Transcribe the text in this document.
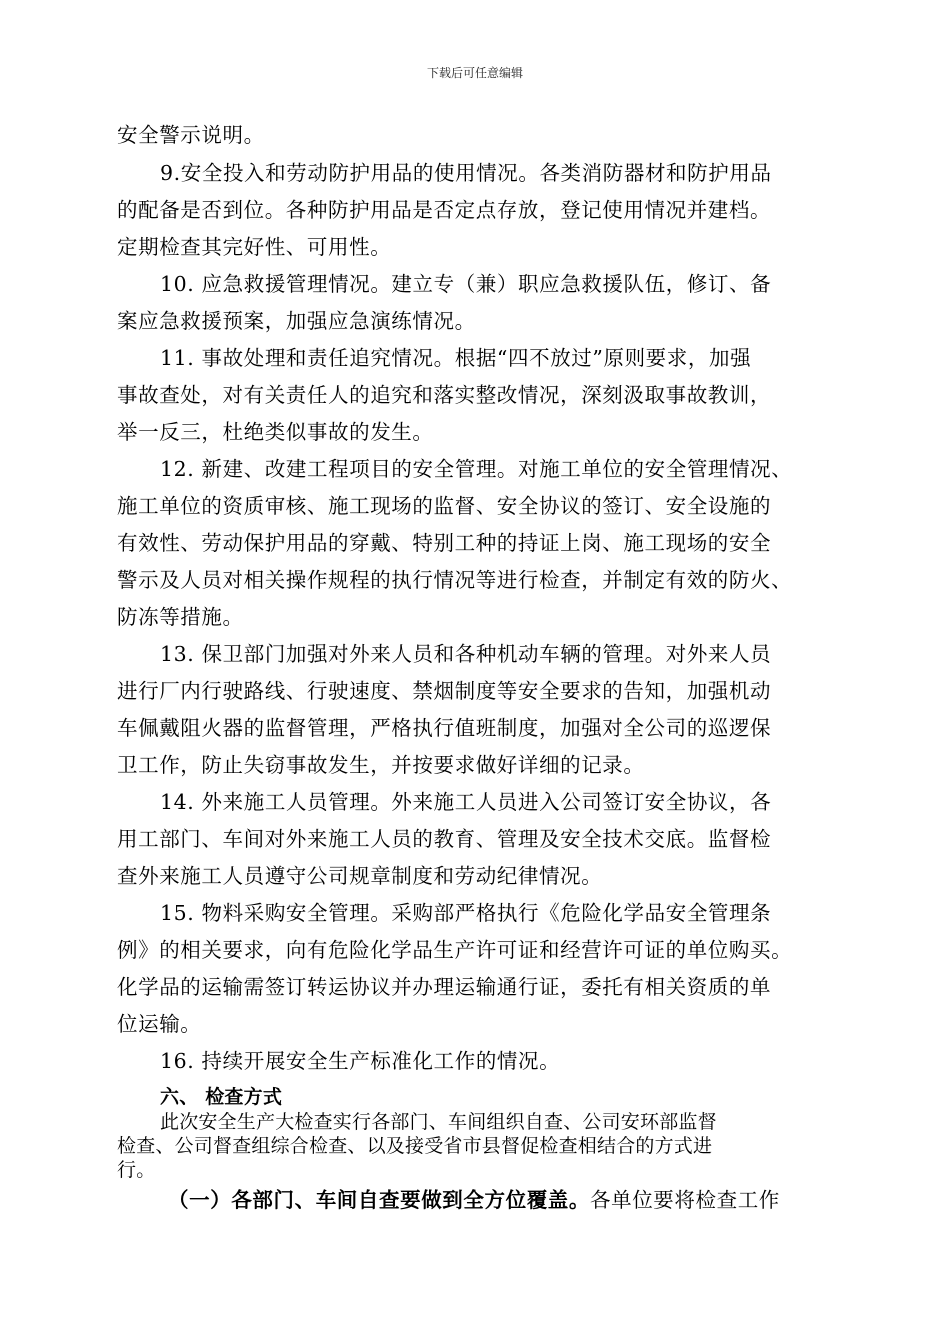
下载后可任意编辑
安全警示说明。
9.安全投入和劳动防护用品的使用情况。各类消防器材和防护用品
的配备是否到位。各种防护用品是否定点存放，登记使用情况并建档。
定期检查其完好性、可用性。
10. 应急救援管理情况。建立专（兼）职应急救援队伍，修订、备
案应急救援预案，加强应急演练情况。
11. 事故处理和责任追究情况。根据“四不放过”原则要求，加强
事故查处，对有关责任人的追究和落实整改情况，深刻汲取事故教训，
举一反三，杜绝类似事故的发生。
12. 新建、改建工程项目的安全管理。对施工单位的安全管理情况、
施工单位的资质审核、施工现场的监督、安全协议的签订、安全设施的
有效性、劳动保护用品的穿戴、特别工种的持证上岗、施工现场的安全
警示及人员对相关操作规程的执行情况等进行检查，并制定有效的防火、
防冻等措施。
13. 保卫部门加强对外来人员和各种机动车辆的管理。对外来人员
进行厂内行驶路线、行驶速度、禁烟制度等安全要求的告知，加强机动
车佩戴阻火器的监督管理，严格执行值班制度，加强对全公司的巡逻保
卫工作，防止失窃事故发生，并按要求做好详细的记录。
14. 外来施工人员管理。外来施工人员进入公司签订安全协议，各
用工部门、车间对外来施工人员的教育、管理及安全技术交底。监督检
查外来施工人员遵守公司规章制度和劳动纪律情况。
15. 物料采购安全管理。采购部严格执行《危险化学品安全管理条
例》的相关要求，向有危险化学品生产许可证和经营许可证的单位购买。
化学品的运输需签订转运协议并办理运输通行证，委托有相关资质的单
位运输。
16. 持续开展安全生产标准化工作的情况。
六、 检查方式
此次安全生产大检查实行各部门、车间组织自查、公司安环部监督
检查、公司督查组综合检查、以及接受省市县督促检查相结合的方式进
行。
（一）各部门、车间自查要做到全方位覆盖。各单位要将检查工作
